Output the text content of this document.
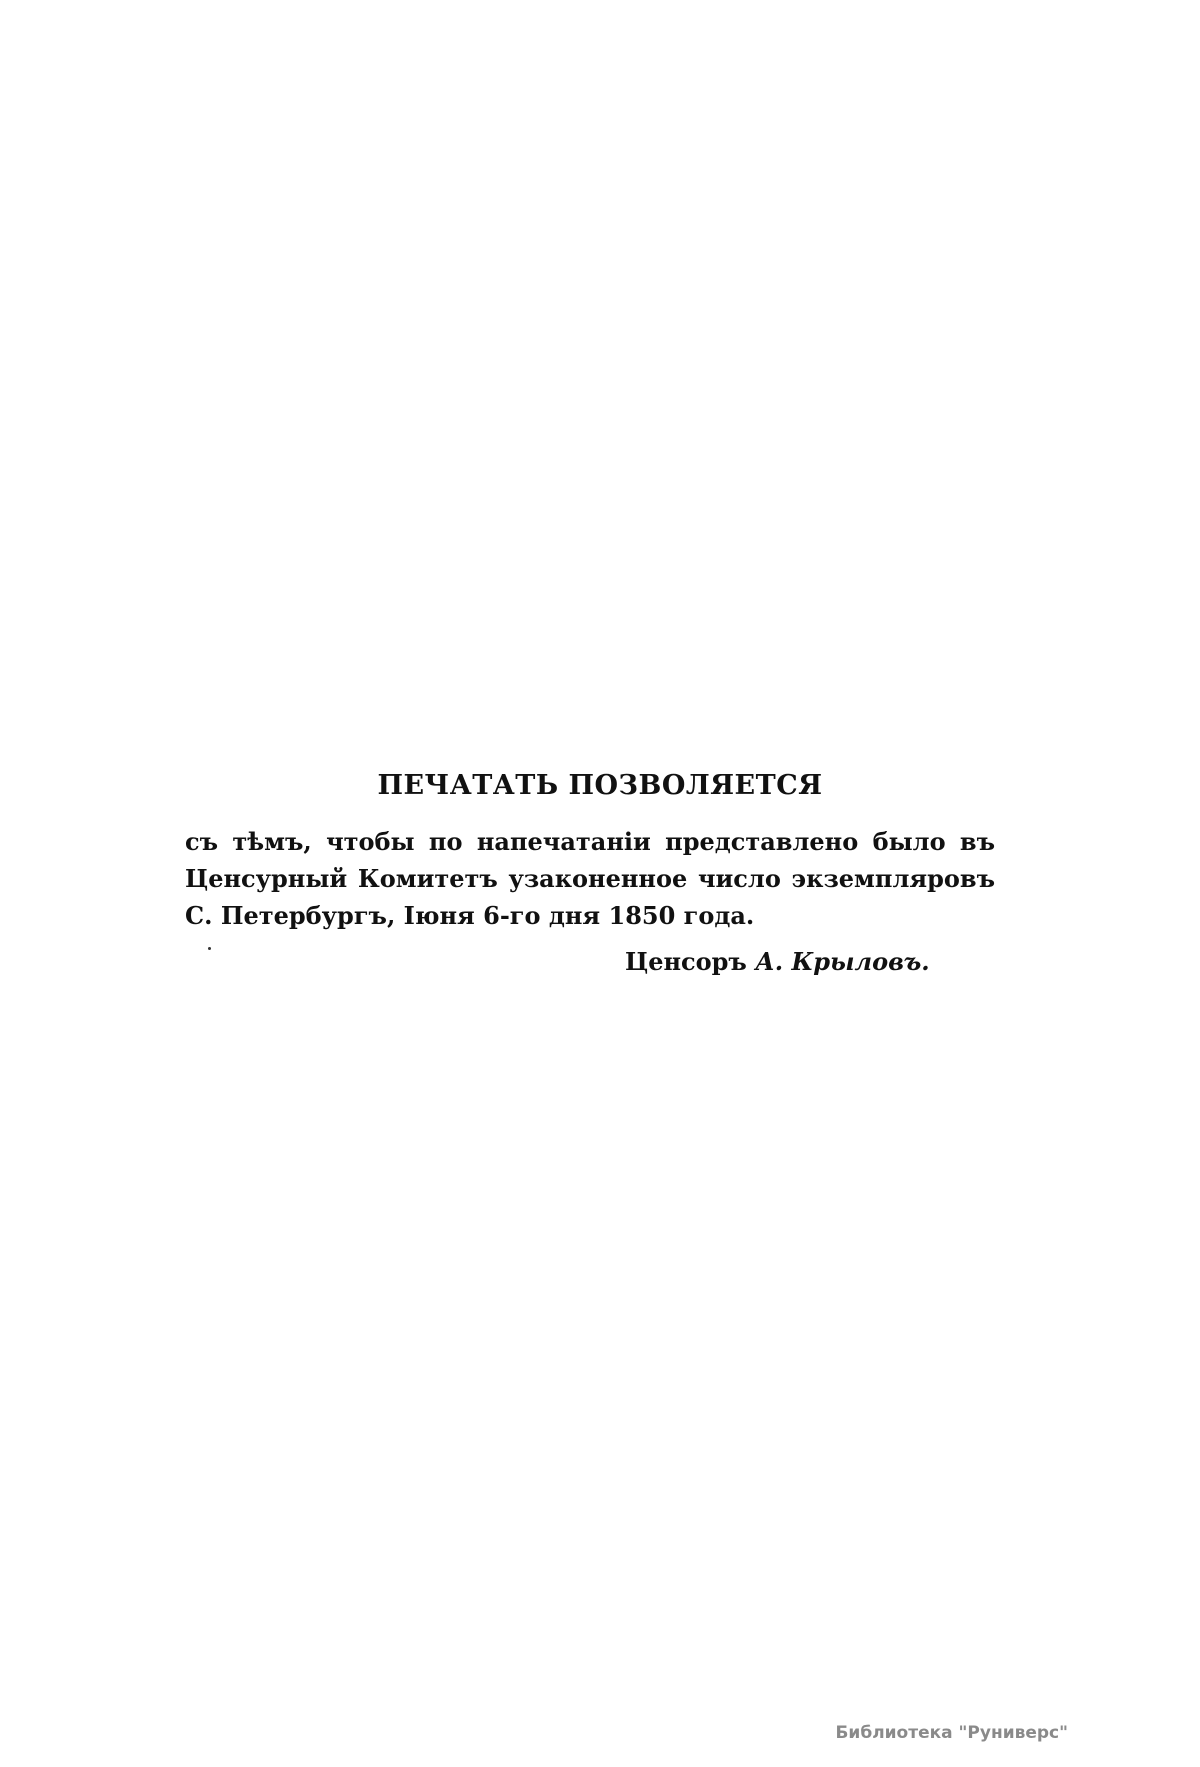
ПЕЧАТАТЬ ПОЗВОЛЯЕТСЯ

съ тѣмъ, чтобы по напечатаніи представлено было въ

Ценсурный Комитетъ узаконенное число экземпляровъ

С. Петербургъ, Іюня 6-го дня 1850 года.

Ценсоръ А. Крыловъ.
Библиотека "Руниверс"
